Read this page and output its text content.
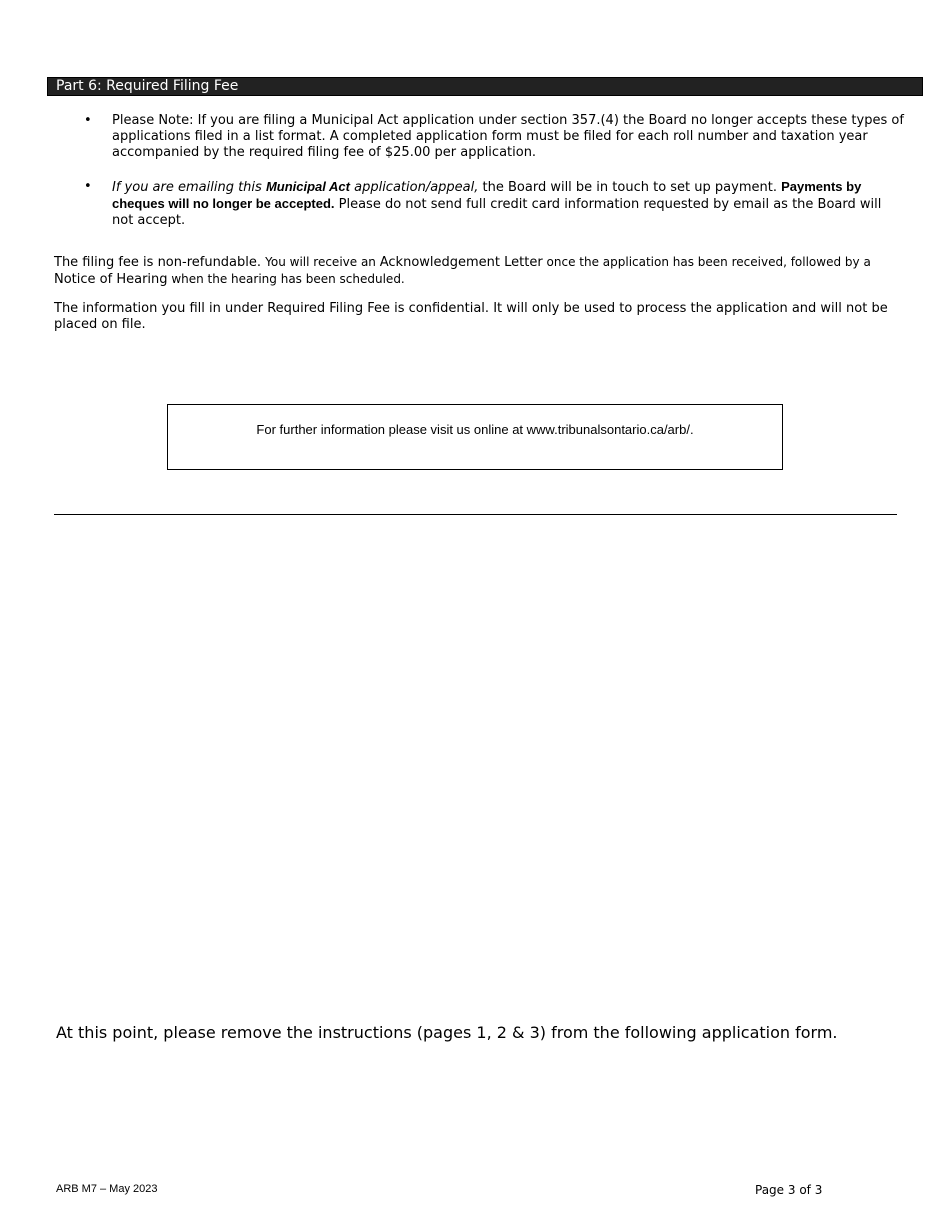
Part 6: Required Filing Fee
• Please Note: If you are filing a Municipal Act application under section 357.(4) the Board no longer accepts these types of applications filed in a list format. A completed application form must be filed for each roll number and taxation year accompanied by the required filing fee of $25.00 per application.
• If you are emailing this Municipal Act application/appeal, the Board will be in touch to set up payment. Payments by cheques will no longer be accepted. Please do not send full credit card information requested by email as the Board will not accept.
The filing fee is non-refundable. You will receive an Acknowledgement Letter once the application has been received, followed by a Notice of Hearing when the hearing has been scheduled.
The information you fill in under Required Filing Fee is confidential. It will only be used to process the application and will not be placed on file.
For further information please visit us online at www.tribunalsontario.ca/arb/.
At this point, please remove the instructions (pages 1, 2 & 3) from the following application form.
ARB M7 – May 2023	Page 3 of 3
